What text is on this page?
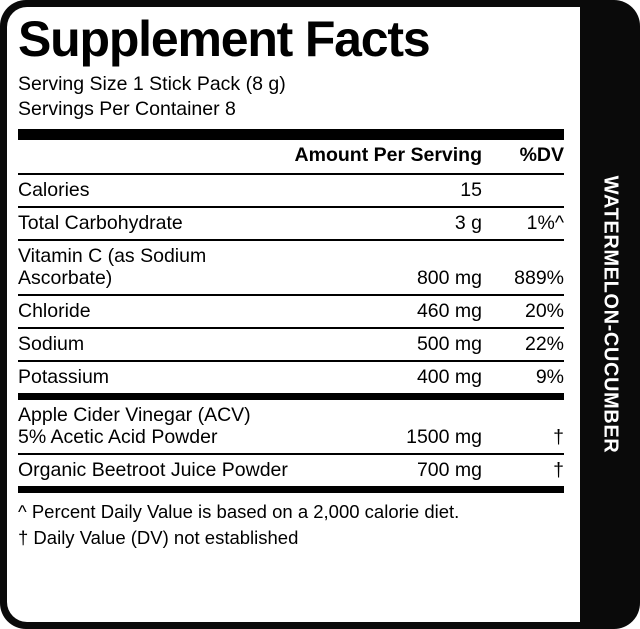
Supplement Facts
Serving Size 1 Stick Pack (8 g)
Servings Per Container 8
	Amount Per Serving	%DV
Calories	15	
Total Carbohydrate	3 g	1%^
Vitamin C (as Sodium Ascorbate)	800 mg	889%
Chloride	460 mg	20%
Sodium	500 mg	22%
Potassium	400 mg	9%
Apple Cider Vinegar (ACV)
5% Acetic Acid Powder	1500 mg	†
Organic Beetroot Juice Powder	700 mg	†
^ Percent Daily Value is based on a 2,000 calorie diet.
† Daily Value (DV) not established
WATERMELON-CUCUMBER
